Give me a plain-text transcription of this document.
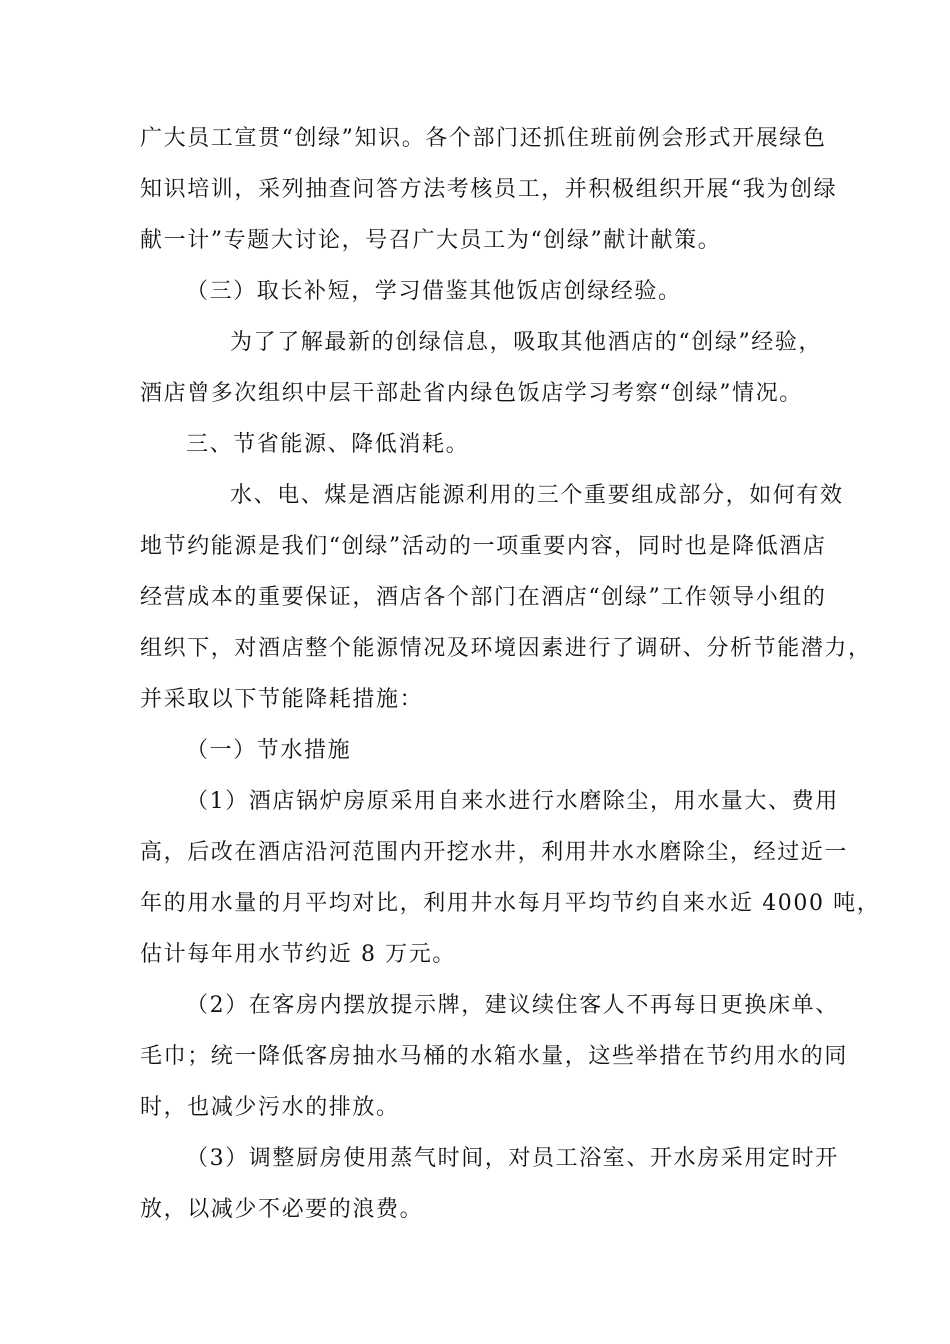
广大员工宣贯“创绿”知识。各个部门还抓住班前例会形式开展绿色

知识培训，采列抽查问答方法考核员工，并积极组织开展“我为创绿

献一计”专题大讨论，号召广大员工为“创绿”献计献策。

（三）取长补短，学习借鉴其他饭店创绿经验。

为了了解最新的创绿信息，吸取其他酒店的“创绿”经验，

酒店曾多次组织中层干部赴省内绿色饭店学习考察“创绿”情况。

三、节省能源、降低消耗。

水、电、煤是酒店能源利用的三个重要组成部分，如何有效

地节约能源是我们“创绿”活动的一项重要内容，同时也是降低酒店

经营成本的重要保证，酒店各个部门在酒店“创绿”工作领导小组的

组织下，对酒店整个能源情况及环境因素进行了调研、分析节能潜力，

并采取以下节能降耗措施：

（一）节水措施

（1）酒店锅炉房原采用自来水进行水磨除尘，用水量大、费用

高，后改在酒店沿河范围内开挖水井，利用井水水磨除尘，经过近一

年的用水量的月平均对比，利用井水每月平均节约自来水近 4000 吨，

估计每年用水节约近 8 万元。

（2）在客房内摆放提示牌，建议续住客人不再每日更换床单、

毛巾；统一降低客房抽水马桶的水箱水量，这些举措在节约用水的同

时，也减少污水的排放。

（3）调整厨房使用蒸气时间，对员工浴室、开水房采用定时开

放，以减少不必要的浪费。
